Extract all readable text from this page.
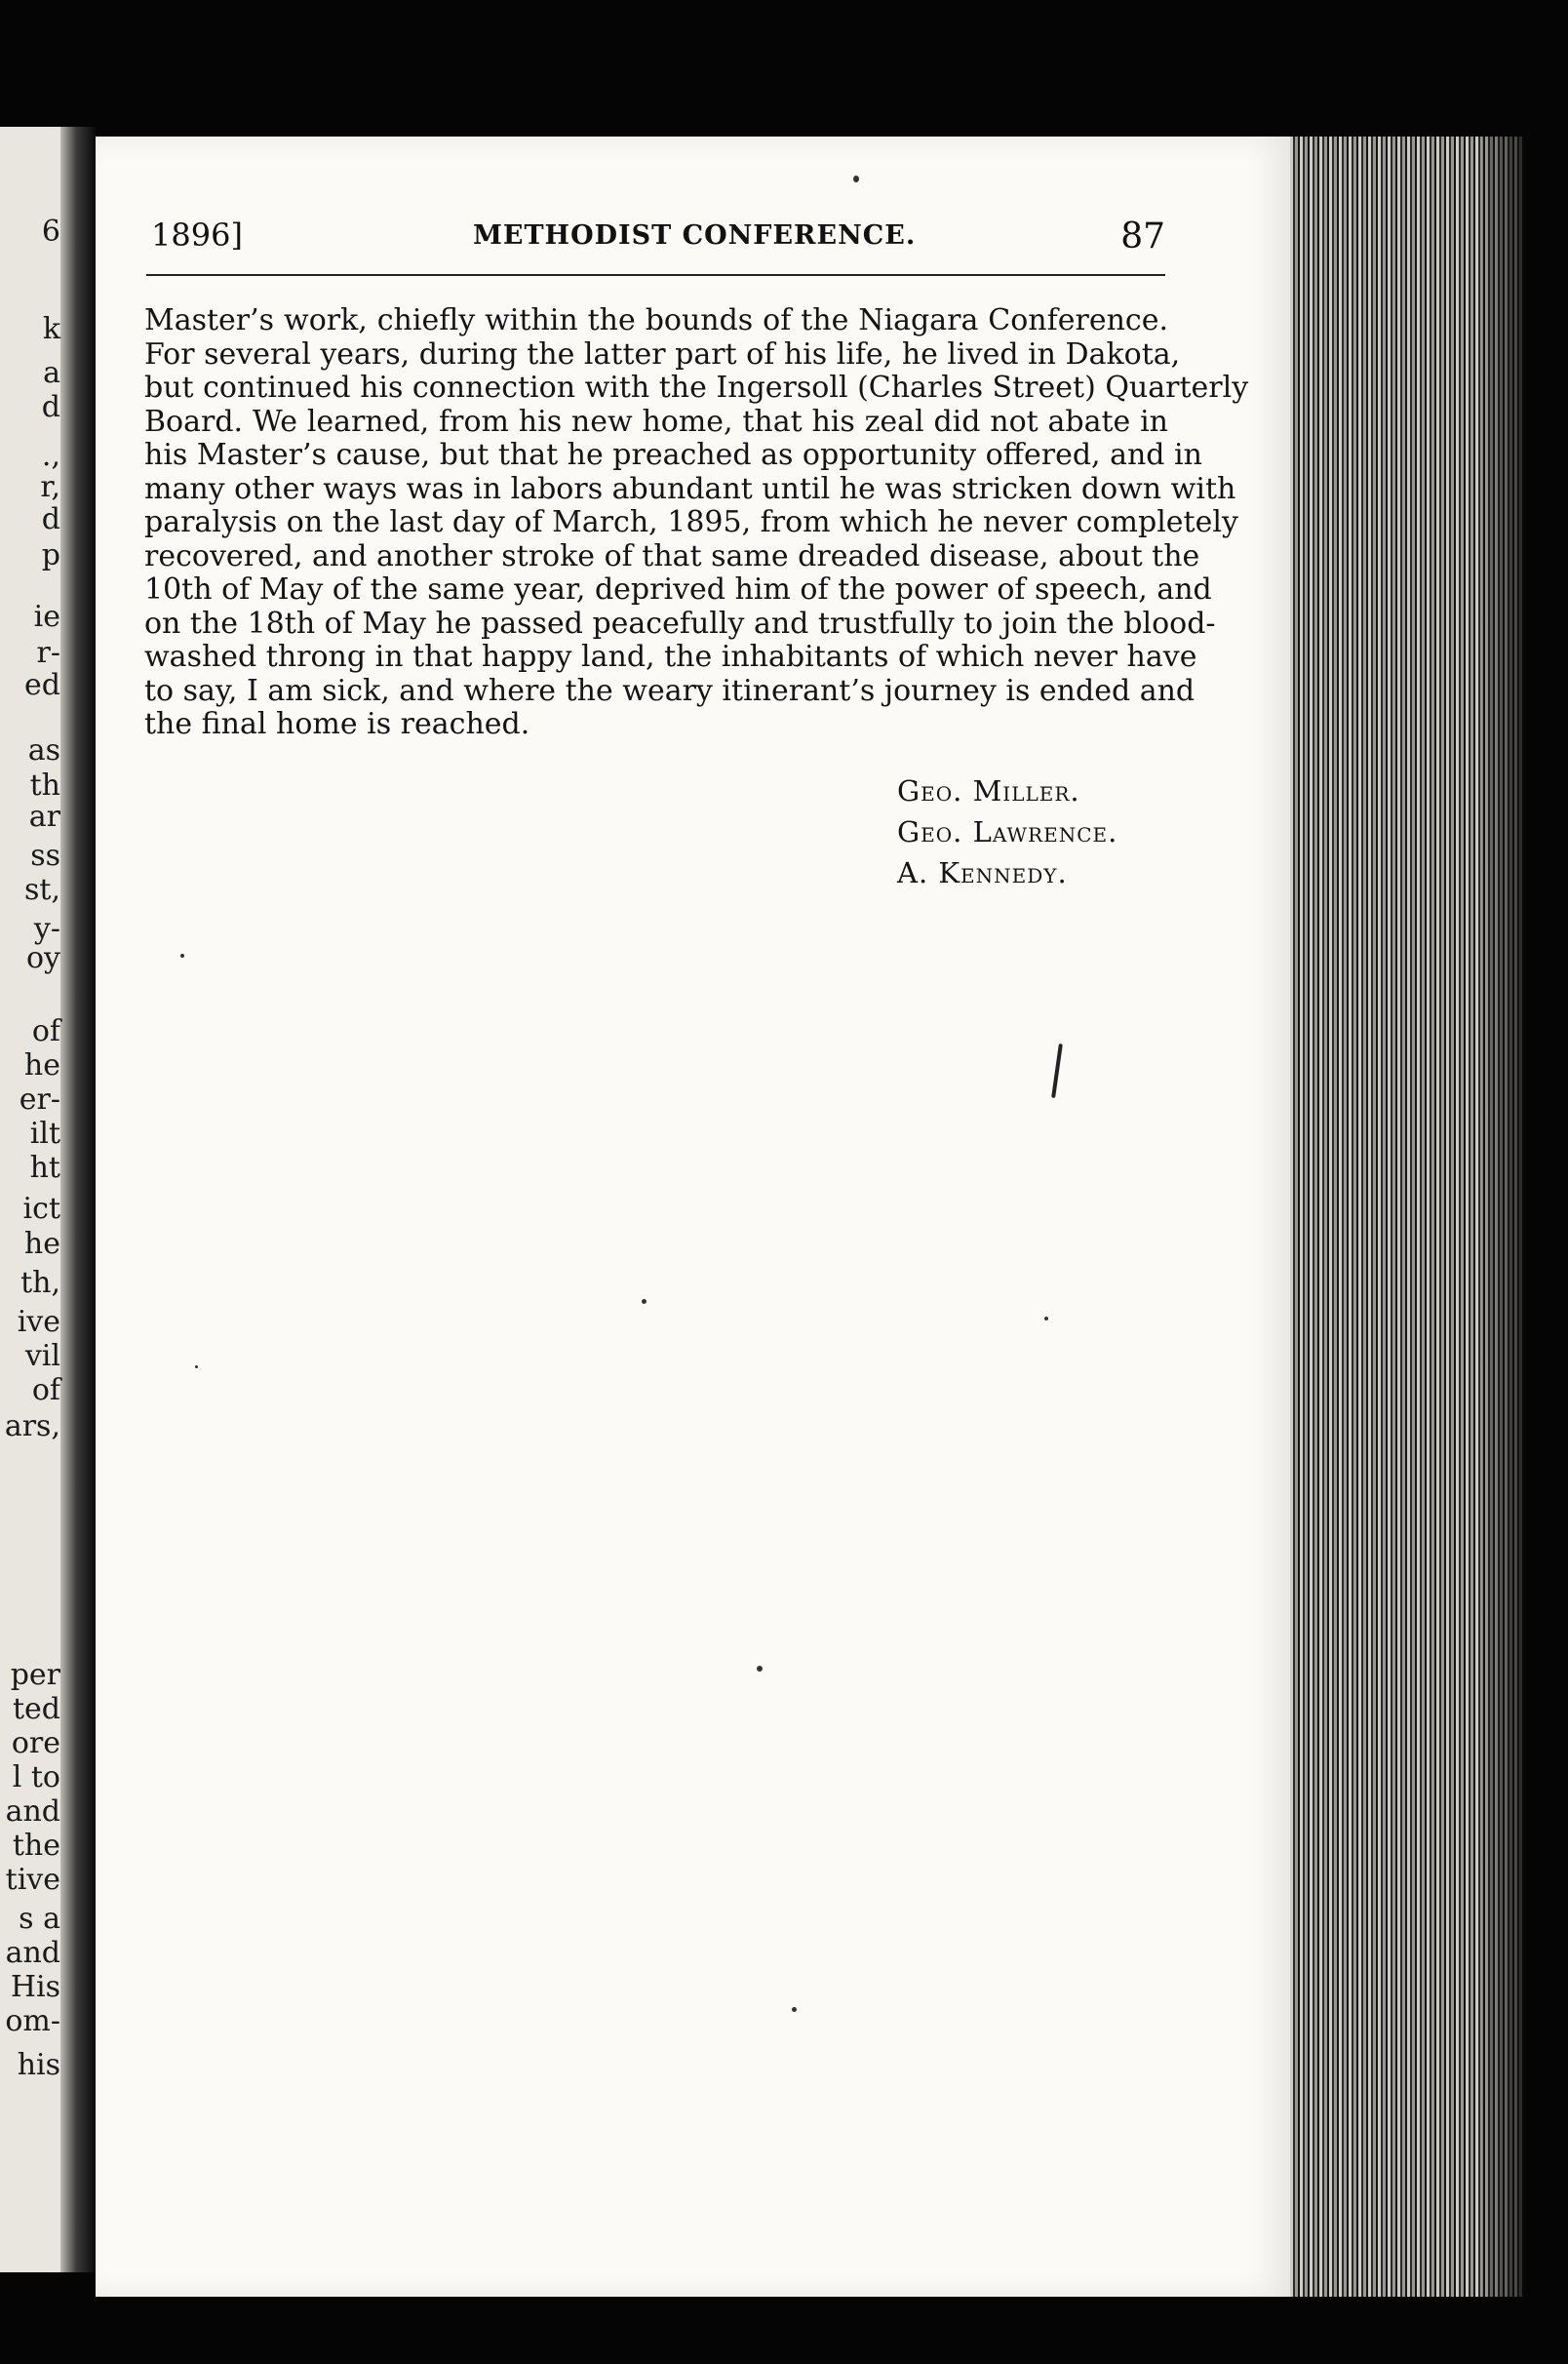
6
k
a
d
.,
r,
d
p
ie
r-
ed
as
th
ar
ss
st,
y-
oy
of
he
er-
ilt
ht
ict
he
th,
ive
vil
of
ars,
per
ted
ore
l to
and
the
tive
s a
and
His
om-
his
1896]	METHODIST CONFERENCE.	87
Master’s work, chiefly within the bounds of the Niagara Conference.
For several years, during the latter part of his life, he lived in Dakota,
but continued his connection with the Ingersoll (Charles Street) Quarterly
Board. We learned, from his new home, that his zeal did not abate in
his Master’s cause, but that he preached as opportunity offered, and in
many other ways was in labors abundant until he was stricken down with
paralysis on the last day of March, 1895, from which he never completely
recovered, and another stroke of that same dreaded disease, about the
10th of May of the same year, deprived him of the power of speech, and
on the 18th of May he passed peacefully and trustfully to join the blood-
washed throng in that happy land, the inhabitants of which never have
to say, I am sick, and where the weary itinerant’s journey is ended and
the final home is reached.
Geo. Miller.
Geo. Lawrence.
A. Kennedy.
